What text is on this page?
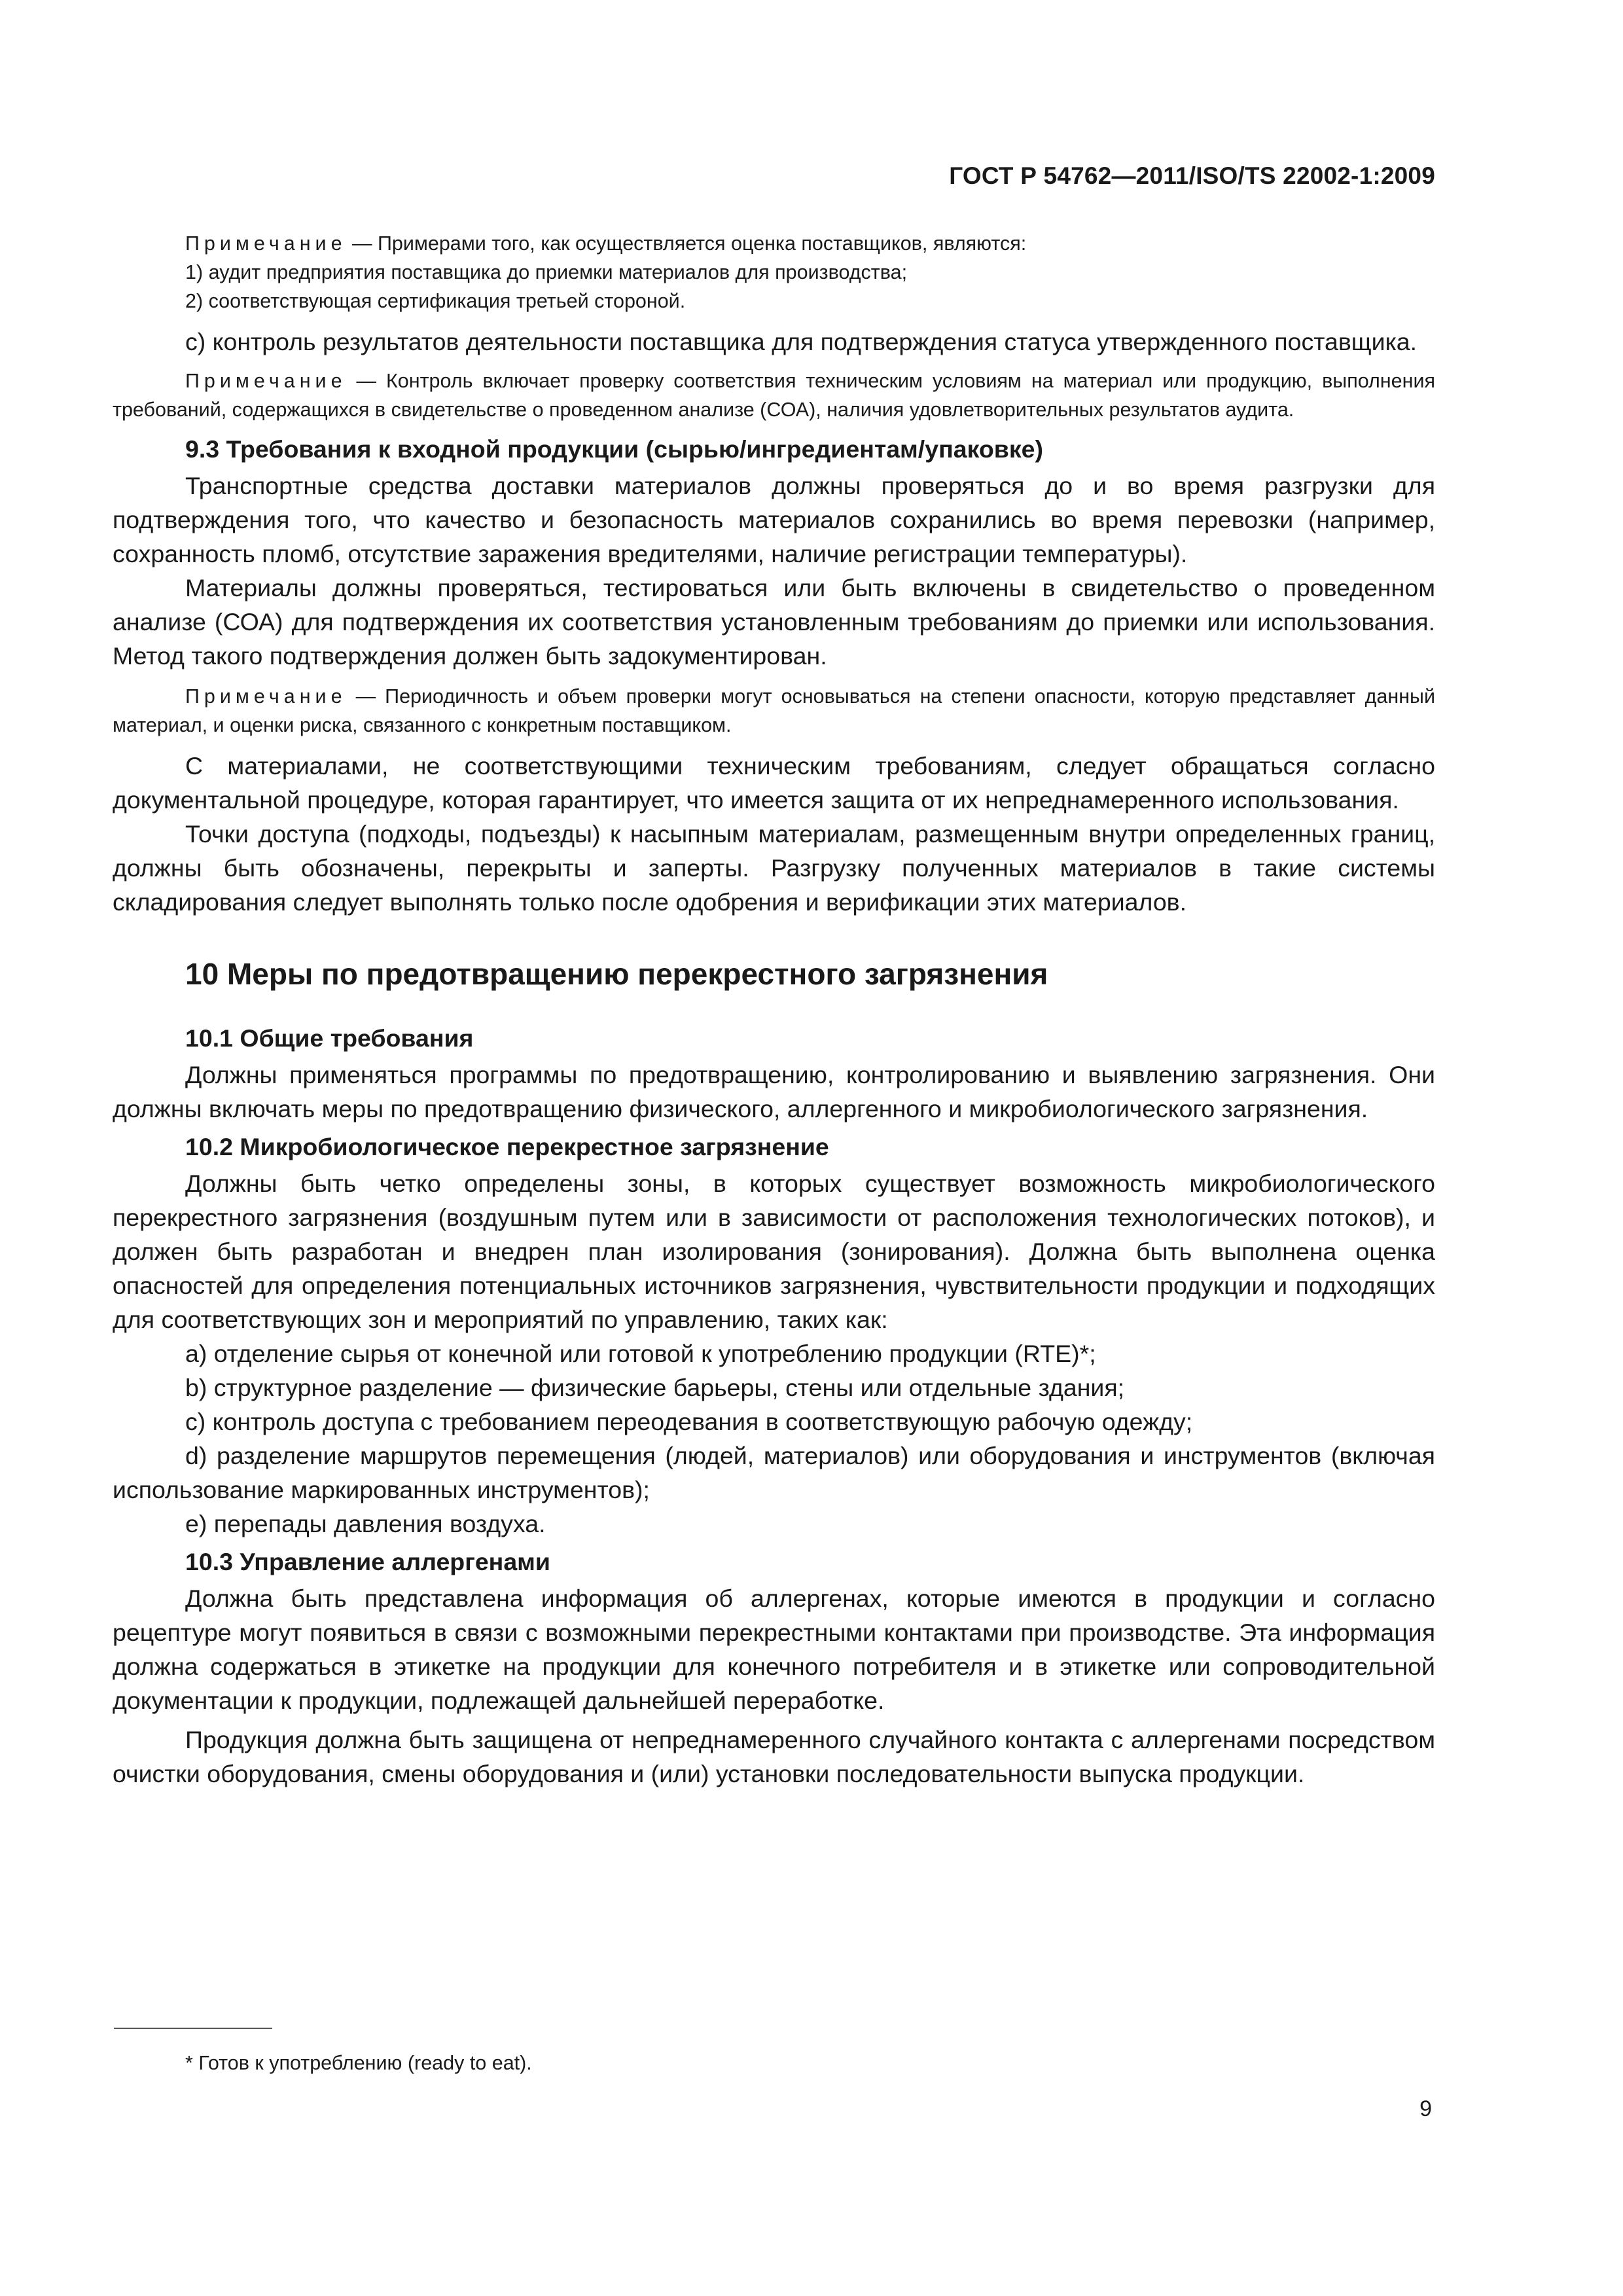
ГОСТ Р 54762—2011/ISO/TS 22002-1:2009

Примечание — Примерами того, как осуществляется оценка поставщиков, являются:

1) аудит предприятия поставщика до приемки материалов для производства;

2) соответствующая сертификация третьей стороной.

с) контроль результатов деятельности поставщика для подтверждения статуса утвержденного поставщика.

Примечание — Контроль включает проверку соответствия техническим условиям на материал или продукцию, выполнения требований, содержащихся в свидетельстве о проведенном анализе (СОА), наличия удовлетворительных результатов аудита.

9.3 Требования к входной продукции (сырью/ингредиентам/упаковке)

Транспортные средства доставки материалов должны проверяться до и во время разгрузки для подтверждения того, что качество и безопасность материалов сохранились во время перевозки (например, сохранность пломб, отсутствие заражения вредителями, наличие регистрации температуры).

Материалы должны проверяться, тестироваться или быть включены в свидетельство о проведенном анализе (СОА) для подтверждения их соответствия установленным требованиям до приемки или использования. Метод такого подтверждения должен быть задокументирован.

Примечание — Периодичность и объем проверки могут основываться на степени опасности, которую представляет данный материал, и оценки риска, связанного с конкретным поставщиком.

С материалами, не соответствующими техническим требованиям, следует обращаться согласно документальной процедуре, которая гарантирует, что имеется защита от их непреднамеренного использования.

Точки доступа (подходы, подъезды) к насыпным материалам, размещенным внутри определенных границ, должны быть обозначены, перекрыты и заперты. Разгрузку полученных материалов в такие системы складирования следует выполнять только после одобрения и верификации этих материалов.

10 Меры по предотвращению перекрестного загрязнения

10.1 Общие требования

Должны применяться программы по предотвращению, контролированию и выявлению загрязнения. Они должны включать меры по предотвращению физического, аллергенного и микробиологического загрязнения.

10.2 Микробиологическое перекрестное загрязнение

Должны быть четко определены зоны, в которых существует возможность микробиологического перекрестного загрязнения (воздушным путем или в зависимости от расположения технологических потоков), и должен быть разработан и внедрен план изолирования (зонирования). Должна быть выполнена оценка опасностей для определения потенциальных источников загрязнения, чувствительности продукции и подходящих для соответствующих зон и мероприятий по управлению, таких как:

a) отделение сырья от конечной или готовой к употреблению продукции (RTE)*;

b) структурное разделение — физические барьеры, стены или отдельные здания;

c) контроль доступа с требованием переодевания в соответствующую рабочую одежду;

d) разделение маршрутов перемещения (людей, материалов) или оборудования и инструментов (включая использование маркированных инструментов);

e) перепады давления воздуха.

10.3 Управление аллергенами

Должна быть представлена информация об аллергенах, которые имеются в продукции и согласно рецептуре могут появиться в связи с возможными перекрестными контактами при производстве. Эта информация должна содержаться в этикетке на продукции для конечного потребителя и в этикетке или сопроводительной документации к продукции, подлежащей дальнейшей переработке.

Продукция должна быть защищена от непреднамеренного случайного контакта с аллергенами посредством очистки оборудования, смены оборудования и (или) установки последовательности выпуска продукции.

* Готов к употреблению (ready to eat).
9
